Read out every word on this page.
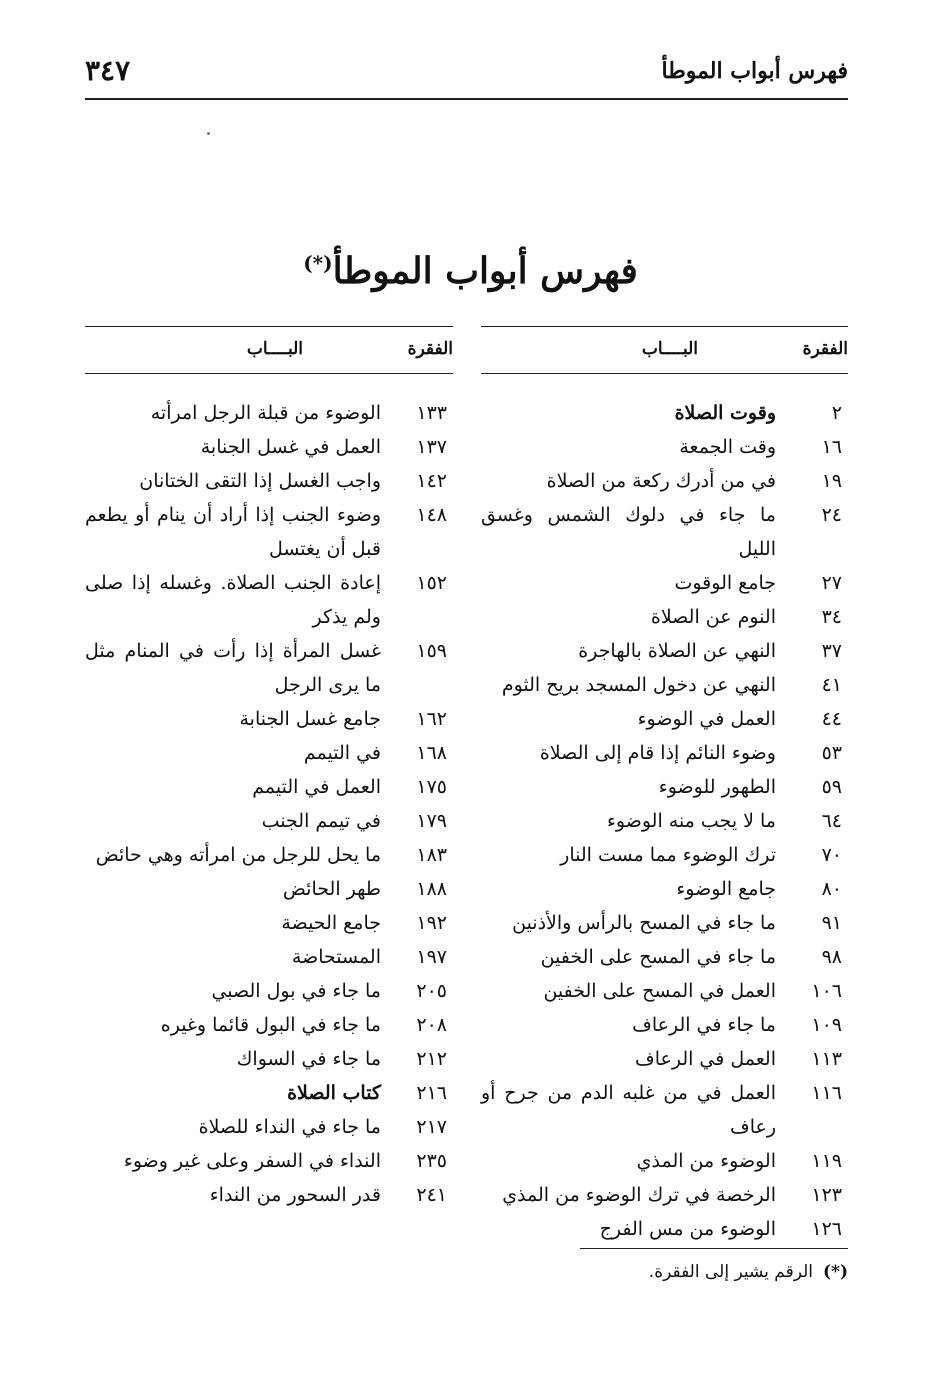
فهرس أبواب الموطأ
٣٤٧
فهرس أبواب الموطأ(*)
الفقرة
البــــاب
٢
وقوت الصلاة
١٦
وقت الجمعة
١٩
في من أدرك ركعة من الصلاة
٢٤
ما جاء في دلوك الشمس وغسق الليل
٢٧
جامع الوقوت
٣٤
النوم عن الصلاة
٣٧
النهي عن الصلاة بالهاجرة
٤١
النهي عن دخول المسجد بريح الثوم
٤٤
العمل في الوضوء
٥٣
وضوء النائم إذا قام إلى الصلاة
٥٩
الطهور للوضوء
٦٤
ما لا يجب منه الوضوء
٧٠
ترك الوضوء مما مست النار
٨٠
جامع الوضوء
٩١
ما جاء في المسح بالرأس والأذنين
٩٨
ما جاء في المسح على الخفين
١٠٦
العمل في المسح على الخفين
١٠٩
ما جاء في الرعاف
١١٣
العمل في الرعاف
١١٦
العمل في من غلبه الدم من جرح أو رعاف
١١٩
الوضوء من المذي
١٢٣
الرخصة في ترك الوضوء من المذي
١٢٦
الوضوء من مس الفرج
الفقرة
البــــاب
١٣٣
الوضوء من قبلة الرجل امرأته
١٣٧
العمل في غسل الجنابة
١٤٢
واجب الغسل إذا التقى الختانان
١٤٨
وضوء الجنب إذا أراد أن ينام أو يطعم قبل أن يغتسل
١٥٢
إعادة الجنب الصلاة. وغسله إذا صلى ولم يذكر
١٥٩
غسل المرأة إذا رأت في المنام مثل ما يرى الرجل
١٦٢
جامع غسل الجنابة
١٦٨
في التيمم
١٧٥
العمل في التيمم
١٧٩
في تيمم الجنب
١٨٣
ما يحل للرجل من امرأته وهي حائض
١٨٨
طهر الحائض
١٩٢
جامع الحيضة
١٩٧
المستحاضة
٢٠٥
ما جاء في بول الصبي
٢٠٨
ما جاء في البول قائما وغيره
٢١٢
ما جاء في السواك
٢١٦
كتاب الصلاة
٢١٧
ما جاء في النداء للصلاة
٢٣٥
النداء في السفر وعلى غير وضوء
٢٤١
قدر السحور من النداء
(*)الرقم يشير إلى الفقرة.
